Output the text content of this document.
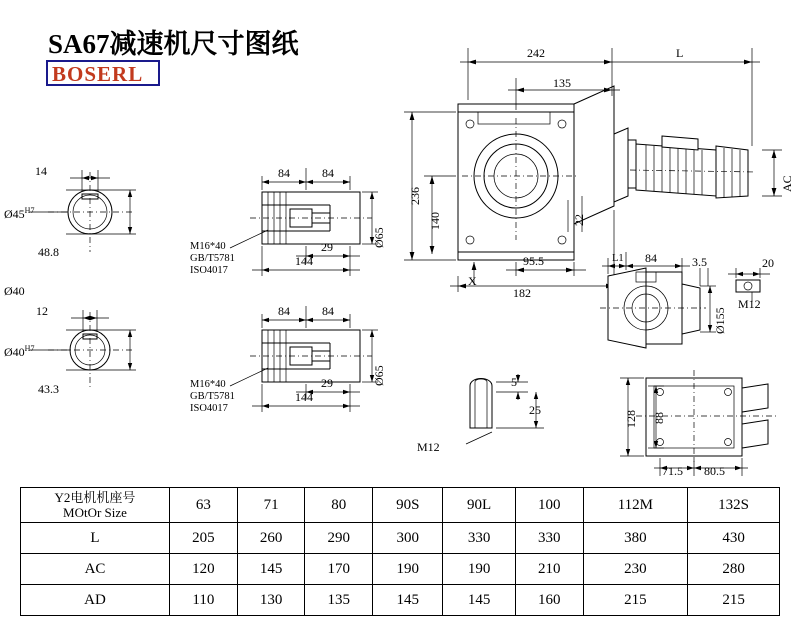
SA67减速机尺寸图纸
BOSERL
14
$Ø45^{H7}$
48.8
Ø40
12
$Ø40^{H7}$
43.3
84	84
29
144
Ø65
M16*40
GB/T5781
ISO4017
84	84
29
144
Ø65
M16*40
GB/T5781
ISO4017
242	L
135
236
140	22
95.5
182
AC
X
L1 84	3.5
Ø155
20
M12
5
25
M12
128 88
71.5 80.5
Y2电机机座号
MOtOr Size	63	71	80	90S	90L	100	112M	132S
L	205	260	290	300	330	330	380	430
AC	120	145	170	190	190	210	230	280
AD	110	130	135	145	145	160	215	215
